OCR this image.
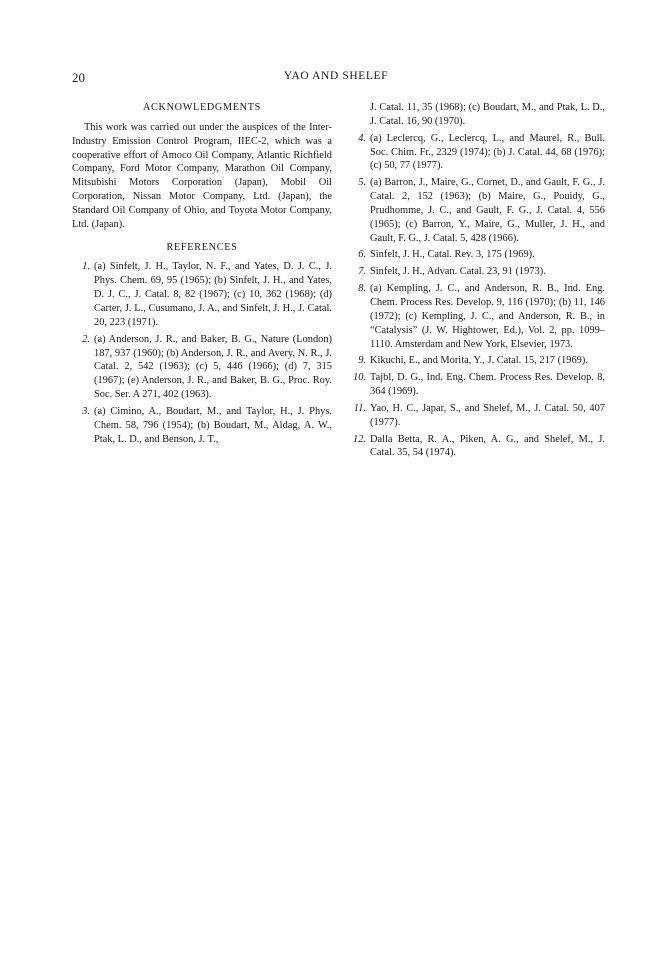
20	YAO AND SHELEF
ACKNOWLEDGMENTS

This work was carried out under the auspices of the Inter-Industry Emission Control Program, IIEC-2, which was a cooperative effort of Amoco Oil Company, Atlantic Richfield Company, Ford Motor Company, Marathon Oil Company, Mitsubishi Motors Corporation (Japan), Mobil Oil Corporation, Nissan Motor Company, Ltd. (Japan), the Standard Oil Company of Ohio, and Toyota Motor Company, Ltd. (Japan).

REFERENCES
1. (a) Sinfelt, J. H., Taylor, N. F., and Yates, D. J. C., J. Phys. Chem. 69, 95 (1965); (b) Sinfelt, J. H., and Yates, D. J. C., J. Catal. 8, 82 (1967); (c) 10, 362 (1968); (d) Carter, J. L., Cusumano, J. A., and Sinfelt, J. H., J. Catal. 20, 223 (1971).
2. (a) Anderson, J. R., and Baker, B. G., Nature (London) 187, 937 (1960); (b) Anderson, J. R., and Avery, N. R., J. Catal. 2, 542 (1963); (c) 5, 446 (1966); (d) 7, 315 (1967); (e) Anderson, J. R., and Baker, B. G., Proc. Roy. Soc. Ser. A 271, 402 (1963).
3. (a) Cimino, A., Boudart, M., and Taylor, H., J. Phys. Chem. 58, 796 (1954); (b) Boudart, M., Aldag, A. W., Ptak, L. D., and Benson, J. T.,
J. Catal. 11, 35 (1968); (c) Boudart, M., and Ptak, L. D., J. Catal. 16, 90 (1970).
4. (a) Leclercq, G., Leclercq, L., and Maurel, R., Bull. Soc. Chim. Fr., 2329 (1974); (b) J. Catal. 44, 68 (1976); (c) 50, 77 (1977).
5. (a) Barron, J., Maire, G., Cornet, D., and Gault, F. G., J. Catal. 2, 152 (1963); (b) Maire, G., Pouidy, G., Prudhomme, J. C., and Gault, F. G., J. Catal. 4, 556 (1965); (c) Barron, Y., Maire, G., Muller, J. H., and Gault, F. G., J. Catal. 5, 428 (1966).
6. Sinfelt, J. H., Catal. Rev. 3, 175 (1969).
7. Sinfelt, J. H., Advan. Catal. 23, 91 (1973).
8. (a) Kempling, J. C., and Anderson, R. B., Ind. Eng. Chem. Process Res. Develop. 9, 116 (1970); (b) 11, 146 (1972); (c) Kempling, J. C., and Anderson, R. B., in “Catalysis” (J. W. Hightower, Ed.), Vol. 2, pp. 1099–1110. Amsterdam and New York, Elsevier, 1973.
9. Kikuchi, E., and Morita, Y., J. Catal. 15, 217 (1969).
10. Tajbl, D. G., Ind. Eng. Chem. Process Res. Develop. 8, 364 (1969).
11. Yao, H. C., Japar, S., and Shelef, M., J. Catal. 50, 407 (1977).
12. Dalla Betta, R. A., Piken, A. G., and Shelef, M., J. Catal. 35, 54 (1974).
